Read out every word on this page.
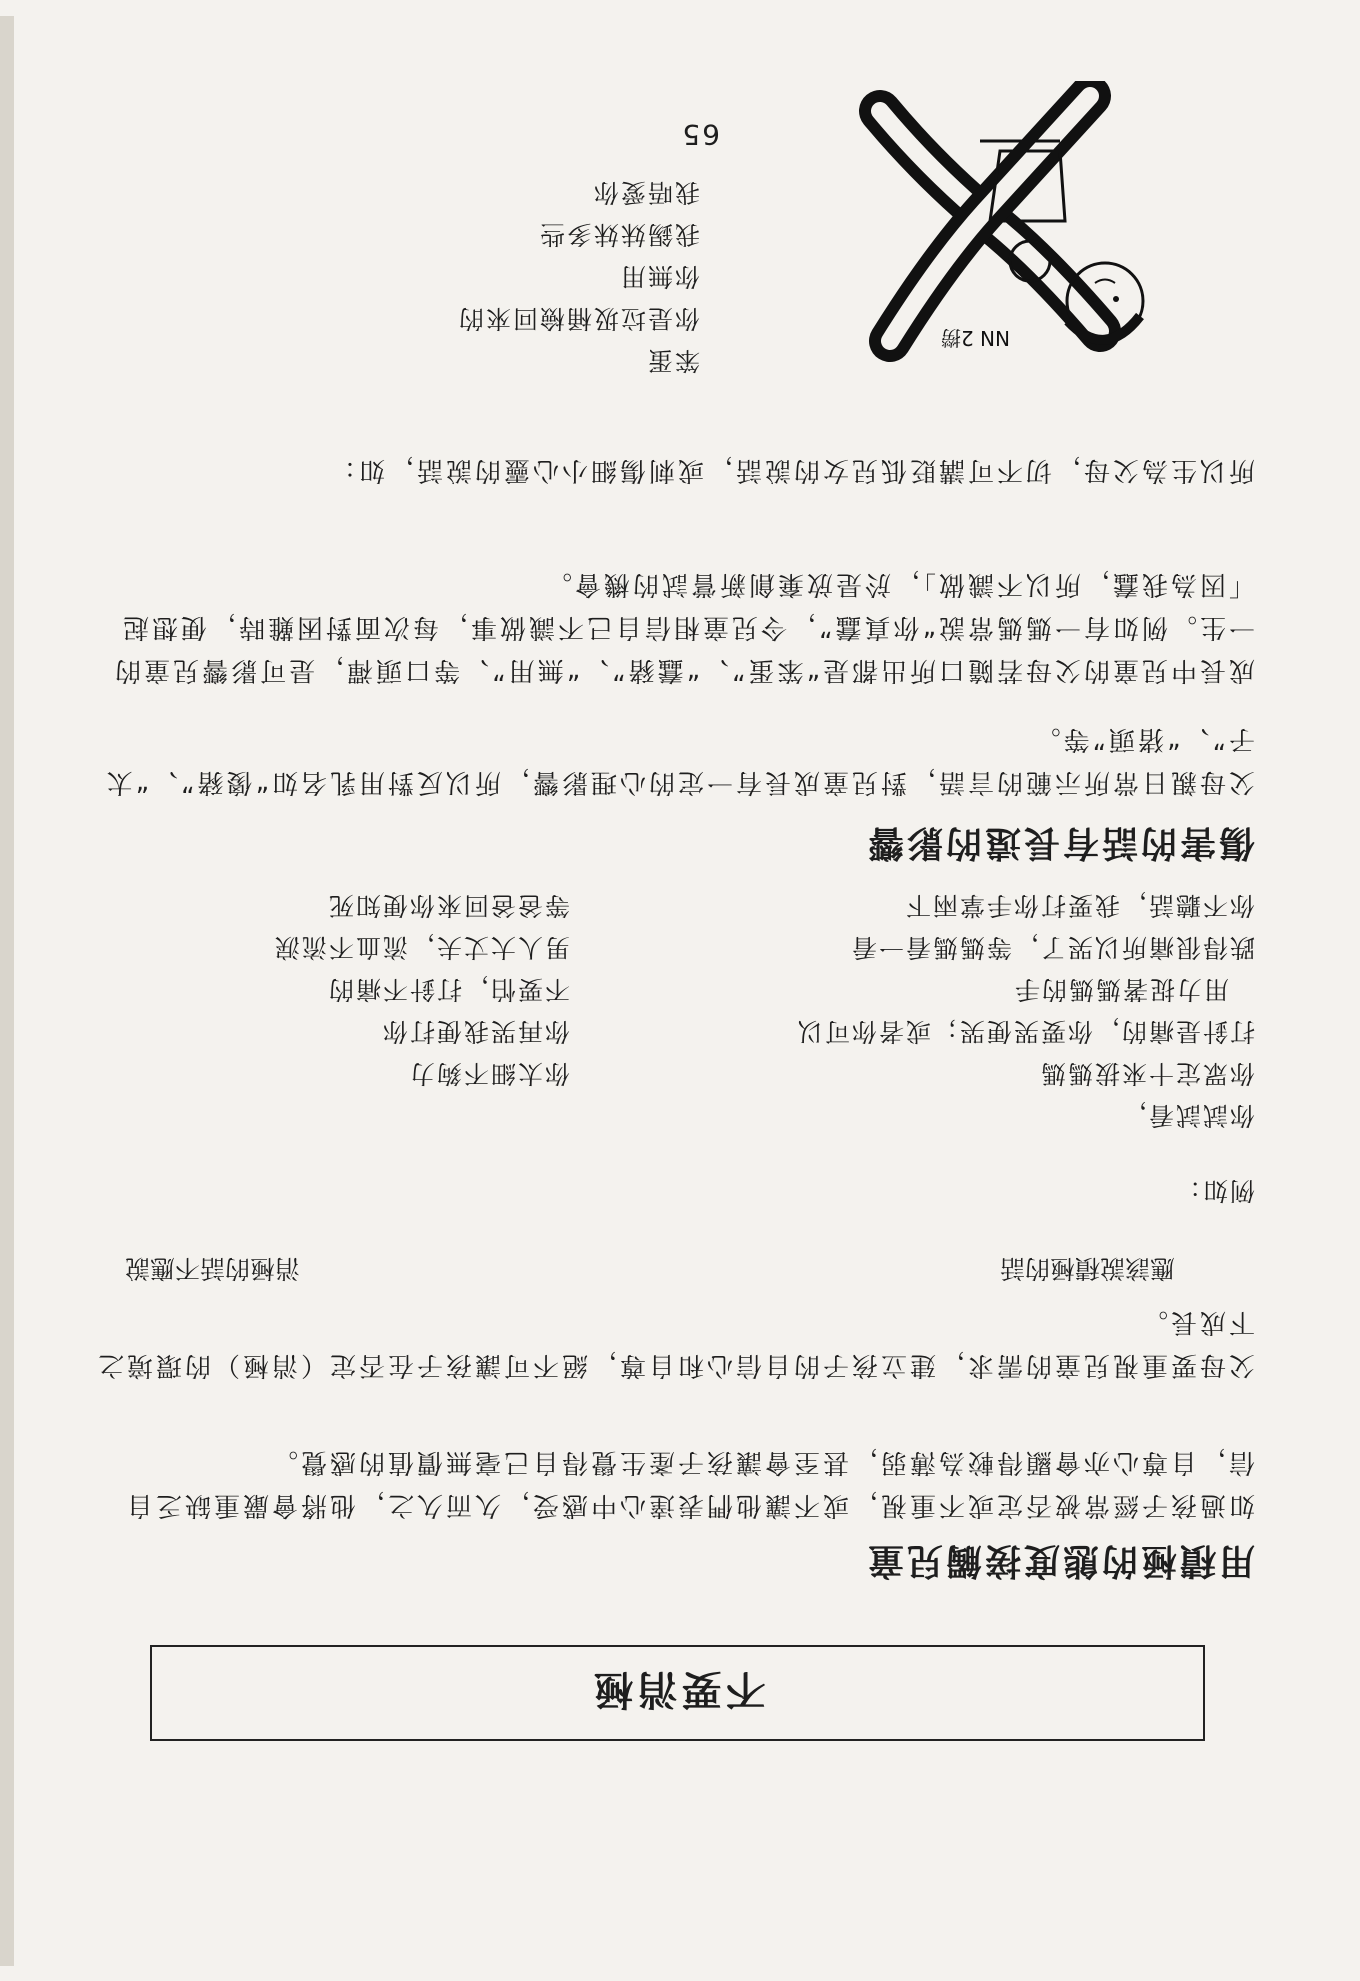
不要消極
用積極的態度接觸兒童
如過孩子經常被否定或不重視，或不讓他們表達心中感受，久而久之，他將會嚴重缺乏自信，自尊心亦會顯得較為薄弱，甚至會讓孩子產生覺得自己毫無價值的感覺。
父母要重視兒童的需求，建立孩子的自信心和自尊，絕不可讓孩子在否定（消極）的環境之下成長。
應該說積極的話
消極的話不應說
例如：
你試試看，
你眾定十來拔媽媽
打針是痛的，你要哭便哭；或者你可以
用力捉著媽媽的手
跌得很痛所以哭了，等媽媽看一看
你不聽話，我要打你手掌兩下
你太細不夠力
你再哭我便打你
不要怕，打針不痛的
男人大丈夫，流血不流淚
等爸爸回來你便知死
傷害的話有長遠的影響
父母親日常所示範的言語，對兒童成長有一定的心理影響，所以反對用乳名如“傻豬”、“太子”、“猪頭”等。
成長中兒童的父母若隨口所出都是“笨蛋”、“蠢豬”、“無用”、等口頭禪，是可影響兒童的一生。例如有一媽媽常說“你真蠢”，令兒童相信自己不識做事，每次面對困難時，便想起「因為我蠢，所以不識做」，於是放棄創新嘗試的機會。
所以生為父母，切不可講貶低兒女的說話，或刺傷細小心靈的說話，如：
NN 2撈
笨蛋
你是垃圾桶檢回來的
你無用
我錫妹妹多些
我唔愛你
65
